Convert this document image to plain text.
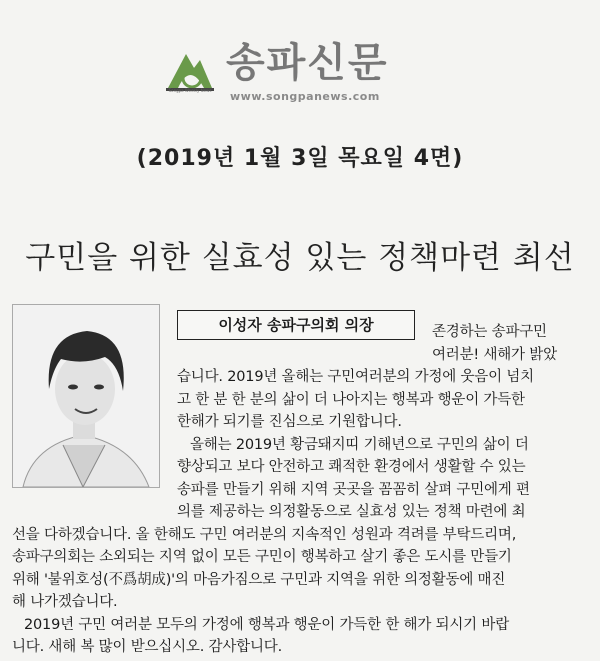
Songpa Weekly News
송파신문
www.songpanews.com
(2019년 1월 3일 목요일 4면)
구민을 위한 실효성 있는 정책마련 최선
이성자 송파구의회 의장	존경하는 송파구민
여러분! 새해가 밝았
습니다. 2019년 올해는 구민여러분의 가정에 웃음이 넘치
고 한 분 한 분의 삶이 더 나아지는 행복과 행운이 가득한
한해가 되기를 진심으로 기원합니다.
올해는 2019년 황금돼지띠 기해년으로 구민의 삶이 더
향상되고 보다 안전하고 쾌적한 환경에서 생활할 수 있는
송파를 만들기 위해 지역 곳곳을 꼼꼼히 살펴 구민에게 편
의를 제공하는 의정활동으로 실효성 있는 정책 마련에 최
선을 다하겠습니다. 올 한해도 구민 여러분의 지속적인 성원과 격려를 부탁드리며,
송파구의회는 소외되는 지역 없이 모든 구민이 행복하고 살기 좋은 도시를 만들기
위해 '불위호성(不爲胡成)'의 마음가짐으로 구민과 지역을 위한 의정활동에 매진
해 나가겠습니다.
2019년 구민 여러분 모두의 가정에 행복과 행운이 가득한 한 해가 되시기 바랍
니다. 새해 복 많이 받으십시오. 감사합니다.
